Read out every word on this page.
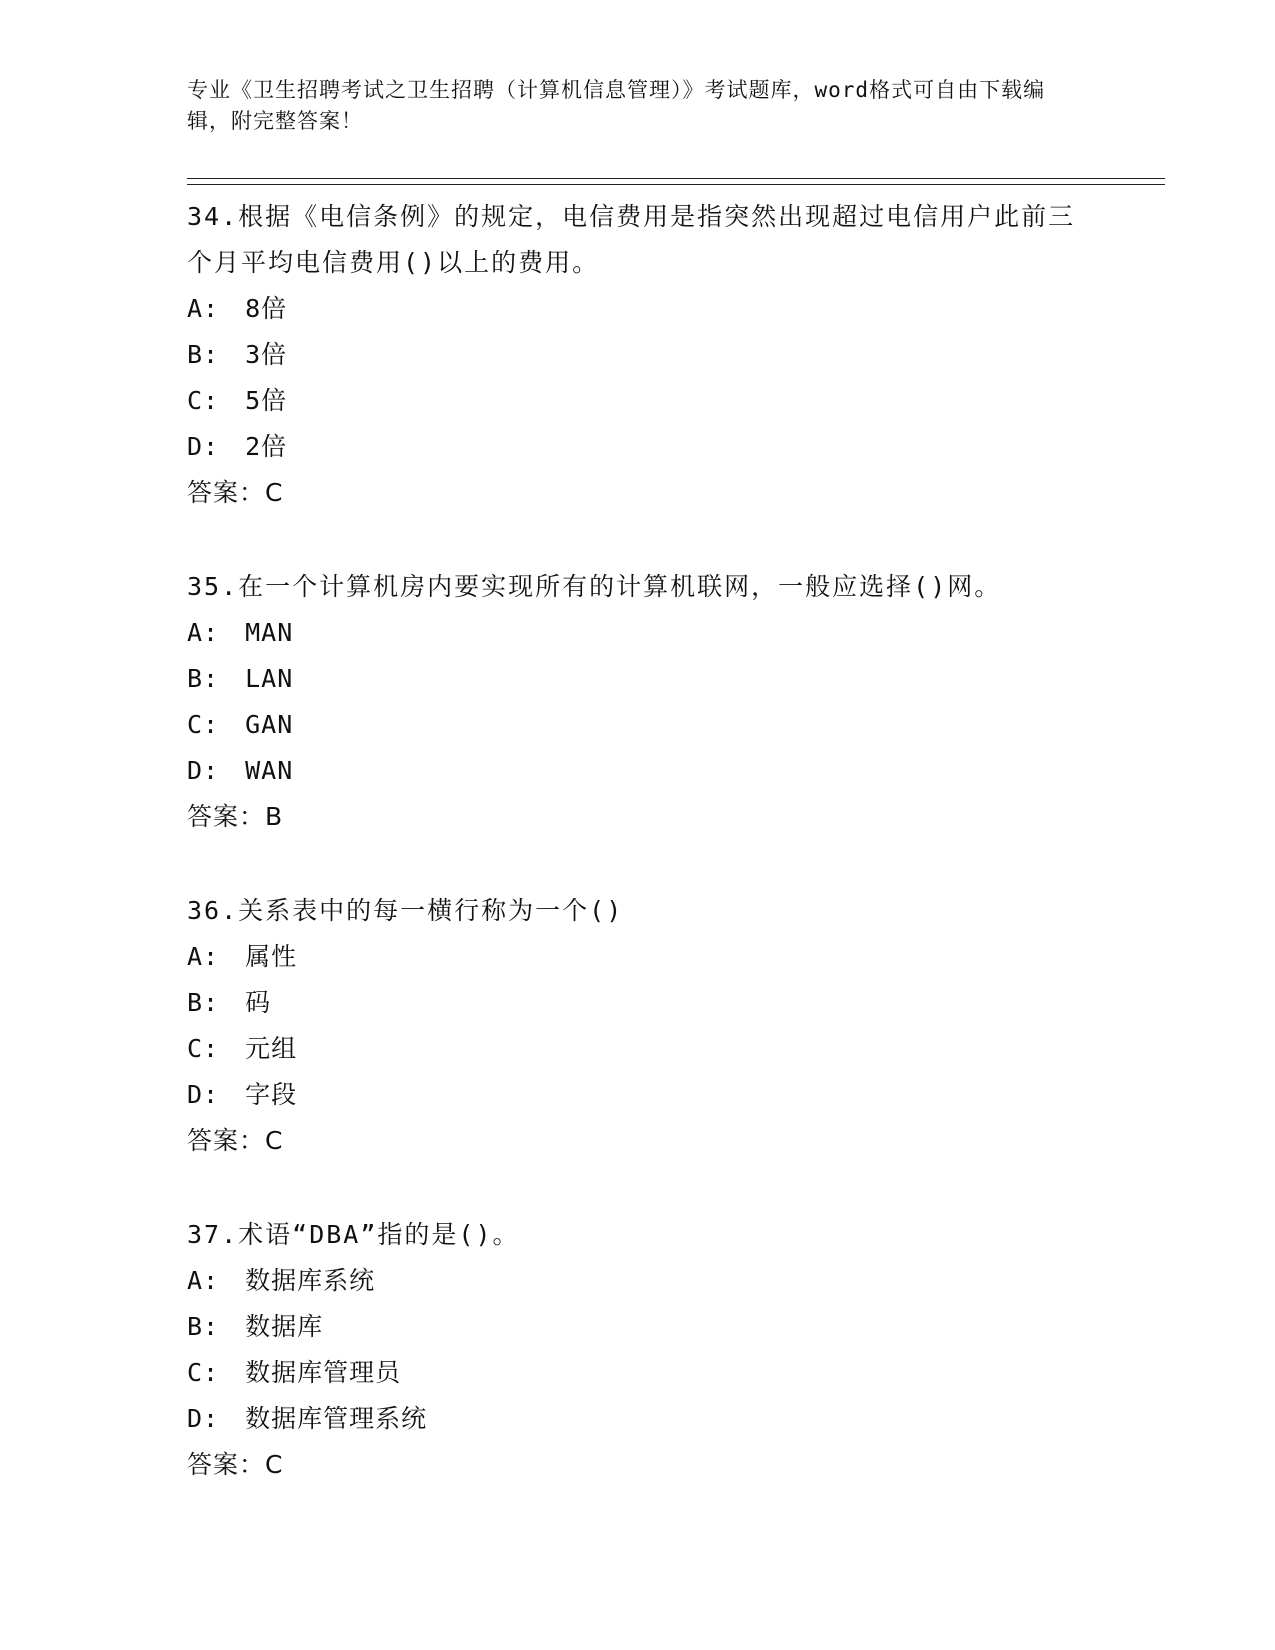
专业《卫生招聘考试之卫生招聘（计算机信息管理）》考试题库，word格式可自由下载编辑，附完整答案！

34.根据《电信条例》的规定，电信费用是指突然出现超过电信用户此前三个月平均电信费用()以上的费用。

A: 8倍

B: 3倍

C: 5倍

D: 2倍

答案：C

35.在一个计算机房内要实现所有的计算机联网，一般应选择()网。

A: MAN

B: LAN

C: GAN

D: WAN

答案：B

36.关系表中的每一横行称为一个()

A: 属性

B: 码

C: 元组

D: 字段

答案：C

37.术语“DBA”指的是()。

A: 数据库系统

B: 数据库

C: 数据库管理员

D: 数据库管理系统

答案：C
